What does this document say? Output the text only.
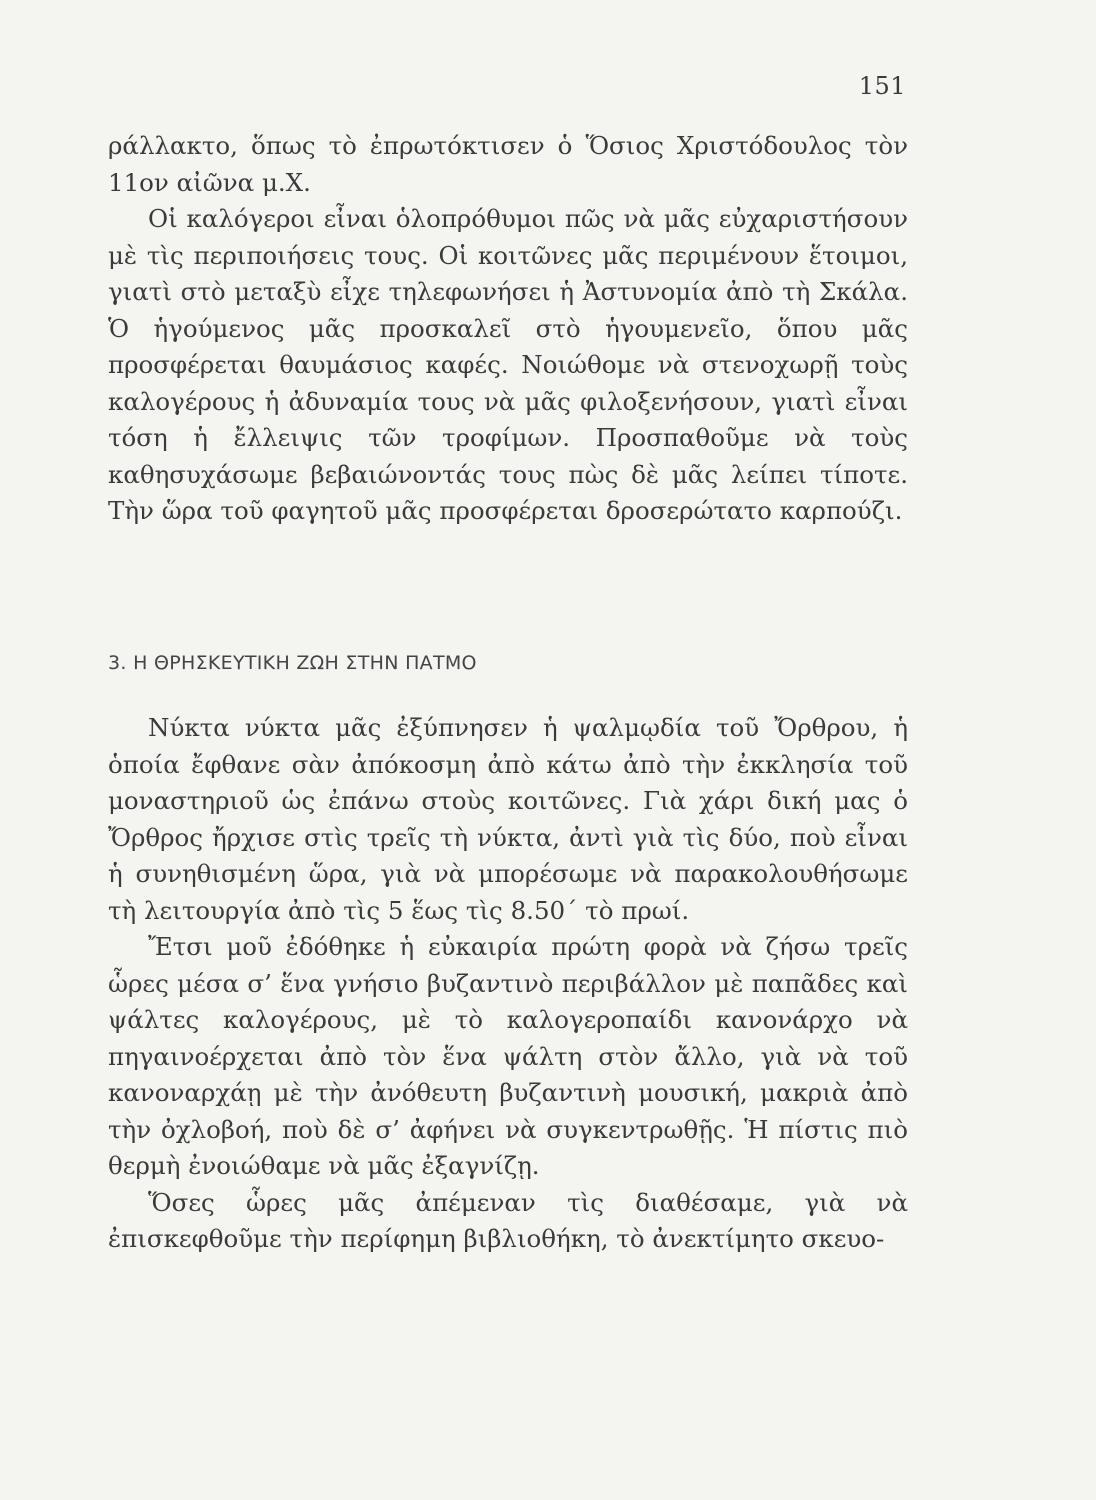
151

ράλλακτο, ὅπως τὸ ἐπρωτόκτισεν ὁ Ὅσιος Χριστόδουλος τὸν 11ον αἰῶνα μ.Χ.

Οἱ καλόγεροι εἶναι ὁλοπρόθυμοι πῶς νὰ μᾶς εὐχαριστήσουν μὲ τὶς περιποιήσεις τους. Οἱ κοιτῶνες μᾶς περιμένουν ἕτοιμοι, γιατὶ στὸ μεταξὺ εἶχε τηλεφωνήσει ἡ Ἀστυνομία ἀπὸ τὴ Σκάλα. Ὁ ἡγούμενος μᾶς προσκαλεῖ στὸ ἡγουμενεῖο, ὅπου μᾶς προσφέρεται θαυμάσιος καφές. Νοιώθομε νὰ στενοχωρῇ τοὺς καλογέρους ἡ ἀδυναμία τους νὰ μᾶς φιλοξενήσουν, γιατὶ εἶναι τόση ἡ ἔλλειψις τῶν τροφίμων. Προσπαθοῦμε νὰ τοὺς καθησυχάσωμε βεβαιώνοντάς τους πὼς δὲ μᾶς λείπει τίποτε. Τὴν ὥρα τοῦ φαγητοῦ μᾶς προσφέρεται δροσερώτατο καρπούζι.

3. Η ΘΡΗΣΚΕΥΤΙΚΗ ΖΩΗ ΣΤΗΝ ΠΑΤΜΟ

Νύκτα νύκτα μᾶς ἐξύπνησεν ἡ ψαλμῳδία τοῦ Ὄρθρου, ἡ ὁποία ἔφθανε σὰν ἀπόκοσμη ἀπὸ κάτω ἀπὸ τὴν ἐκκλησία τοῦ μοναστηριοῦ ὡς ἐπάνω στοὺς κοιτῶνες. Γιὰ χάρι δική μας ὁ Ὄρθρος ἤρχισε στὶς τρεῖς τὴ νύκτα, ἀντὶ γιὰ τὶς δύο, ποὺ εἶναι ἡ συνηθισμένη ὥρα, γιὰ νὰ μπορέσωμε νὰ παρακολουθήσωμε τὴ λειτουργία ἀπὸ τὶς 5 ἕως τὶς 8.50΄ τὸ πρωί.

Ἔτσι μοῦ ἐδόθηκε ἡ εὐκαιρία πρώτη φορὰ νὰ ζήσω τρεῖς ὧρες μέσα σ’ ἕνα γνήσιο βυζαντινὸ περιβάλλον μὲ παπᾶδες καὶ ψάλτες καλογέρους, μὲ τὸ καλογεροπαίδι κανονάρχο νὰ πηγαινοέρχεται ἀπὸ τὸν ἕνα ψάλτη στὸν ἄλλο, γιὰ νὰ τοῦ κανοναρχάῃ μὲ τὴν ἀνόθευτη βυζαντινὴ μουσική, μακριὰ ἀπὸ τὴν ὀχλοβοή, ποὺ δὲ σ’ ἀφήνει νὰ συγκεντρωθῇς. Ἡ πίστις πιὸ θερμὴ ἐνοιώθαμε νὰ μᾶς ἐξαγνίζῃ.

Ὅσες ὧρες μᾶς ἀπέμεναν τὶς διαθέσαμε, γιὰ νὰ ἐπισκεφθοῦμε τὴν περίφημη βιβλιοθήκη, τὸ ἀνεκτίμητο σκευο-
